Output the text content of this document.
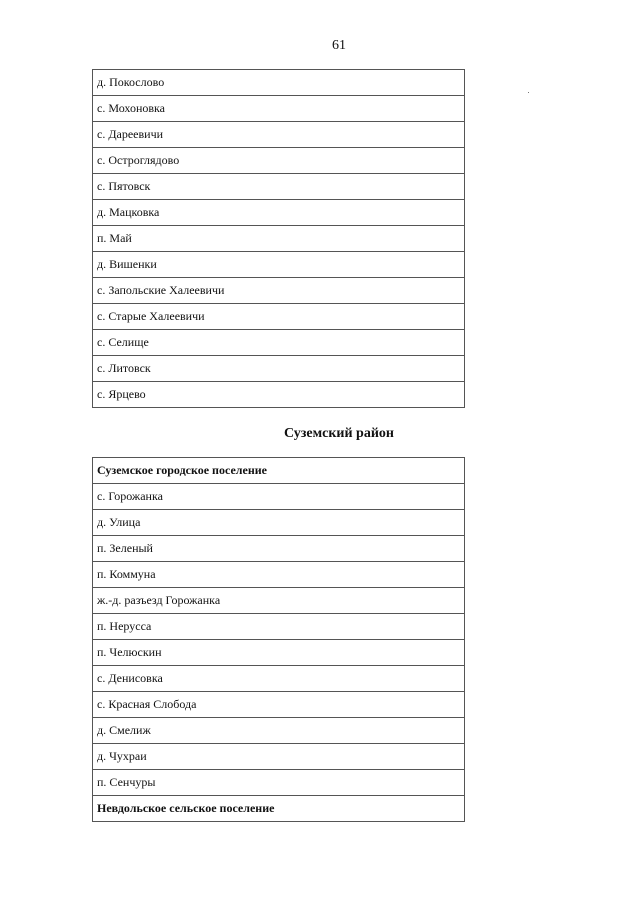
61
д. Покослово
с. Мохоновка
с. Дареевичи
с. Остроглядово
с. Пятовск
д. Мацковка
п. Май
д. Вишенки
с. Запольские Халеевичи
с. Старые Халеевичи
с. Селище
с. Литовск
с. Ярцево
Суземский район
Суземское городское поселение
с. Горожанка
д. Улица
п. Зеленый
п. Коммуна
ж.-д. разъезд Горожанка
п. Нерусса
п. Челюскин
с. Денисовка
с. Красная Слобода
д. Смелиж
д. Чухраи
п. Сенчуры
Невдольское сельское поселение
